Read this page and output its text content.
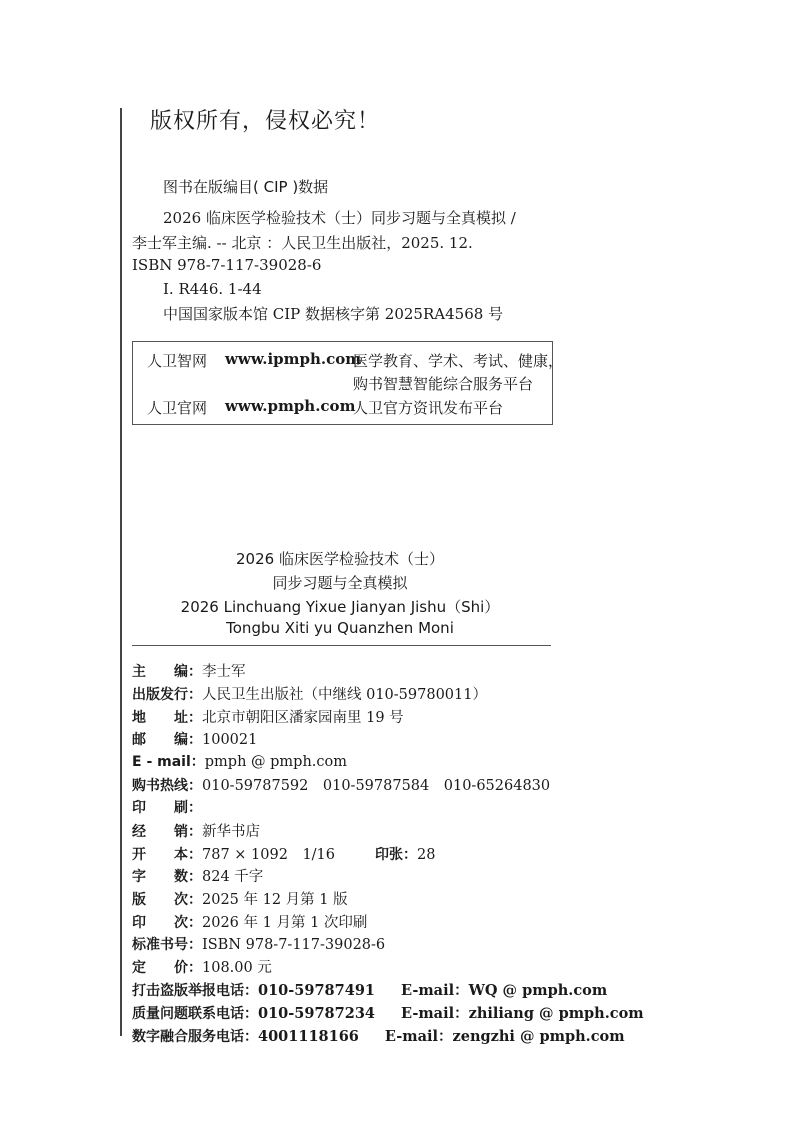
版权所有，侵权必究！
图书在版编目( CIP )数据
2026 临床医学检验技术（士）同步习题与全真模拟 /
李士军主编. -- 北京 ：人民卫生出版社，2025. 12.
ISBN 978-7-117-39028-6
Ⅰ. R446. 1-44
中国国家版本馆 CIP 数据核字第 2025RA4568 号
人卫智网 www.ipmph.com
医学教育、学术、考试、健康，
购书智慧智能综合服务平台
人卫官网 www.pmph.com
人卫官方资讯发布平台
2026 临床医学检验技术（士）
同步习题与全真模拟
2026 Linchuang Yixue Jianyan Jishu（Shi）
Tongbu Xiti yu Quanzhen Moni
主　　编：李士军
出版发行：人民卫生出版社（中继线 010-59780011）
地　　址：北京市朝阳区潘家园南里 19 号
邮　　编：100021
E - mail：pmph @ pmph.com
购书热线：010-59787592　010-59787584　010-65264830
印　　刷：
经　　销：新华书店
开　　本：787 × 1092　1/16	印张：28
字　　数：824 千字
版　　次：2025 年 12 月第 1 版
印　　次：2026 年 1 月第 1 次印刷
标准书号：ISBN 978-7-117-39028-6
定　　价：108.00 元
打击盗版举报电话：010-59787491 E-mail：WQ @ pmph.com
质量问题联系电话：010-59787234 E-mail：zhiliang @ pmph.com
数字融合服务电话：4001118166 E-mail：zengzhi @ pmph.com
